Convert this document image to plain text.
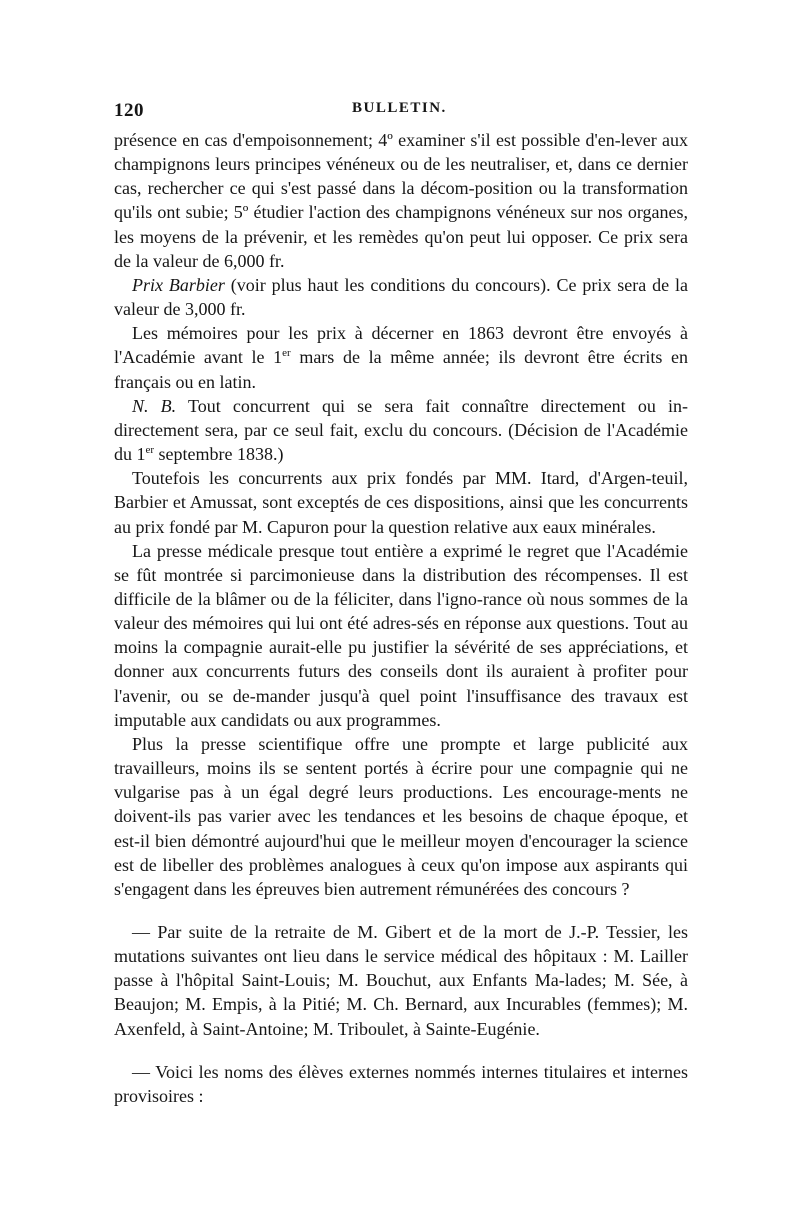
120	BULLETIN.

présence en cas d'empoisonnement; 4º examiner s'il est possible d'en-lever aux champignons leurs principes vénéneux ou de les neutraliser, et, dans ce dernier cas, rechercher ce qui s'est passé dans la décom-position ou la transformation qu'ils ont subie; 5º étudier l'action des champignons vénéneux sur nos organes, les moyens de la prévenir, et les remèdes qu'on peut lui opposer. Ce prix sera de la valeur de 6,000 fr.

Prix Barbier (voir plus haut les conditions du concours). Ce prix sera de la valeur de 3,000 fr.

Les mémoires pour les prix à décerner en 1863 devront être envoyés à l'Académie avant le 1er mars de la même année; ils devront être écrits en français ou en latin.

N. B. Tout concurrent qui se sera fait connaître directement ou in-directement sera, par ce seul fait, exclu du concours. (Décision de l'Académie du 1er septembre 1838.)

Toutefois les concurrents aux prix fondés par MM. Itard, d'Argen-teuil, Barbier et Amussat, sont exceptés de ces dispositions, ainsi que les concurrents au prix fondé par M. Capuron pour la question relative aux eaux minérales.

La presse médicale presque tout entière a exprimé le regret que l'Académie se fût montrée si parcimonieuse dans la distribution des récompenses. Il est difficile de la blâmer ou de la féliciter, dans l'igno-rance où nous sommes de la valeur des mémoires qui lui ont été adres-sés en réponse aux questions. Tout au moins la compagnie aurait-elle pu justifier la sévérité de ses appréciations, et donner aux concurrents futurs des conseils dont ils auraient à profiter pour l'avenir, ou se de-mander jusqu'à quel point l'insuffisance des travaux est imputable aux candidats ou aux programmes.

Plus la presse scientifique offre une prompte et large publicité aux travailleurs, moins ils se sentent portés à écrire pour une compagnie qui ne vulgarise pas à un égal degré leurs productions. Les encourage-ments ne doivent-ils pas varier avec les tendances et les besoins de chaque époque, et est-il bien démontré aujourd'hui que le meilleur moyen d'encourager la science est de libeller des problèmes analogues à ceux qu'on impose aux aspirants qui s'engagent dans les épreuves bien autrement rémunérées des concours ?

— Par suite de la retraite de M. Gibert et de la mort de J.-P. Tessier, les mutations suivantes ont lieu dans le service médical des hôpitaux : M. Lailler passe à l'hôpital Saint-Louis; M. Bouchut, aux Enfants Ma-lades; M. Sée, à Beaujon; M. Empis, à la Pitié; M. Ch. Bernard, aux Incurables (femmes); M. Axenfeld, à Saint-Antoine; M. Triboulet, à Sainte-Eugénie.

— Voici les noms des élèves externes nommés internes titulaires et internes provisoires :
